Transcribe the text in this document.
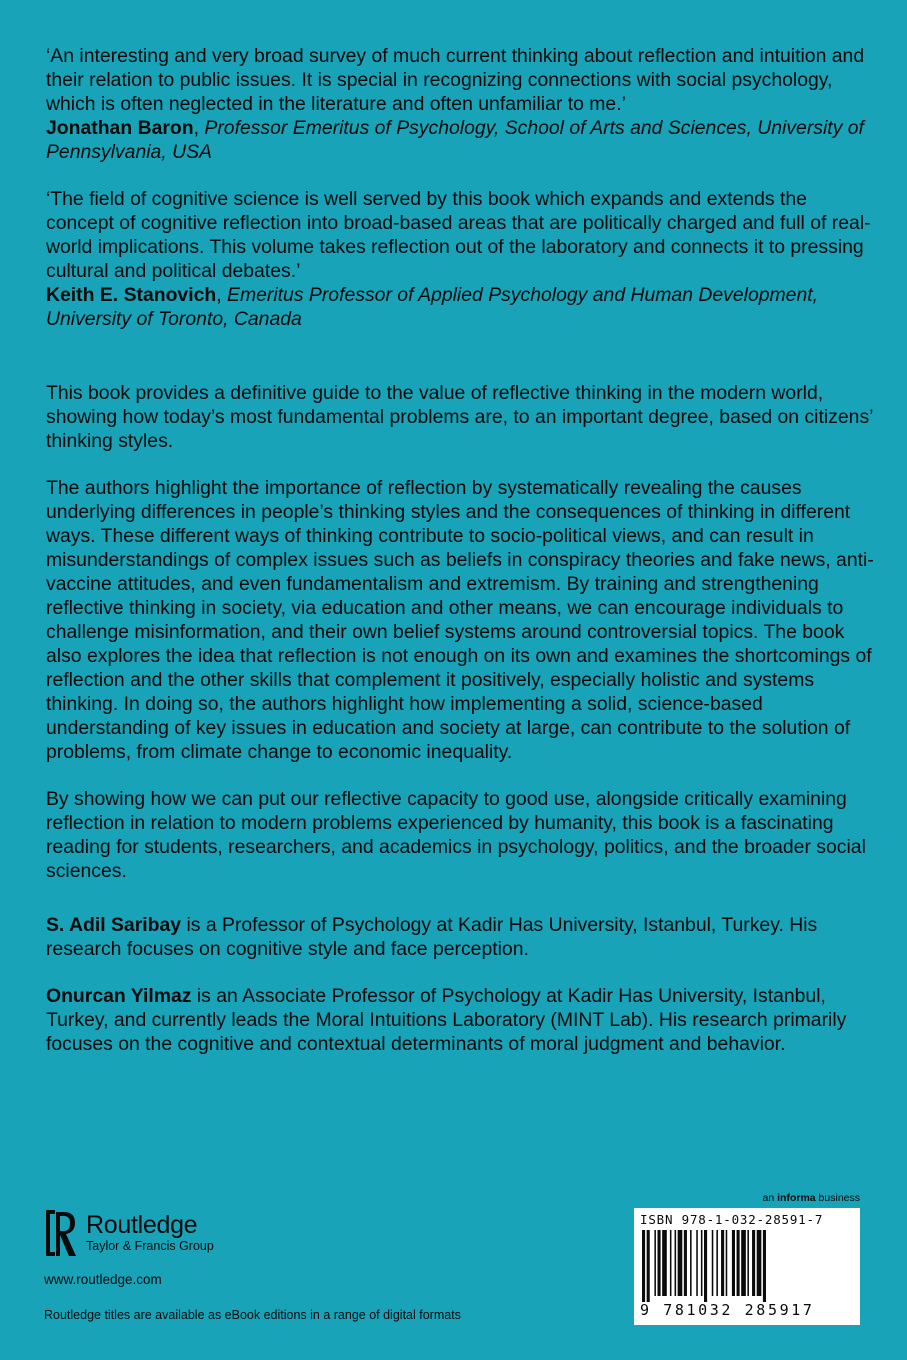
‘An interesting and very broad survey of much current thinking about reflection and intuition and their relation to public issues. It is special in recognizing connections with social psychology, which is often neglected in the literature and often unfamiliar to me.’

Jonathan Baron, Professor Emeritus of Psychology, School of Arts and Sciences, University of Pennsylvania, USA

‘The field of cognitive science is well served by this book which expands and extends the concept of cognitive reflection into broad-based areas that are politically charged and full of real-world implications. This volume takes reflection out of the laboratory and connects it to pressing cultural and political debates.’

Keith E. Stanovich, Emeritus Professor of Applied Psychology and Human Development, University of Toronto, Canada

This book provides a definitive guide to the value of reflective thinking in the modern world, showing how today’s most fundamental problems are, to an important degree, based on citizens’ thinking styles.

The authors highlight the importance of reflection by systematically revealing the causes underlying differences in people’s thinking styles and the consequences of thinking in different ways. These different ways of thinking contribute to socio-political views, and can result in misunderstandings of complex issues such as beliefs in conspiracy theories and fake news, anti-vaccine attitudes, and even fundamentalism and extremism. By training and strengthening reflective thinking in society, via education and other means, we can encourage individuals to challenge misinformation, and their own belief systems around controversial topics. The book also explores the idea that reflection is not enough on its own and examines the shortcomings of reflection and the other skills that complement it positively, especially holistic and systems thinking. In doing so, the authors highlight how implementing a solid, science-based understanding of key issues in education and society at large, can contribute to the solution of problems, from climate change to economic inequality.

By showing how we can put our reflective capacity to good use, alongside critically examining reflection in relation to modern problems experienced by humanity, this book is a fascinating reading for students, researchers, and academics in psychology, politics, and the broader social sciences.

S. Adil Saribay is a Professor of Psychology at Kadir Has University, Istanbul, Turkey. His research focuses on cognitive style and face perception.

Onurcan Yilmaz is an Associate Professor of Psychology at Kadir Has University, Istanbul, Turkey, and currently leads the Moral Intuitions Laboratory (MINT Lab). His research primarily focuses on the cognitive and contextual determinants of moral judgment and behavior.

Routledge
Taylor & Francis Group
www.routledge.com
Routledge titles are available as eBook editions in a range of digital formats
an informa business
ISBN 978-1-032-28591-7
9 781032 285917
